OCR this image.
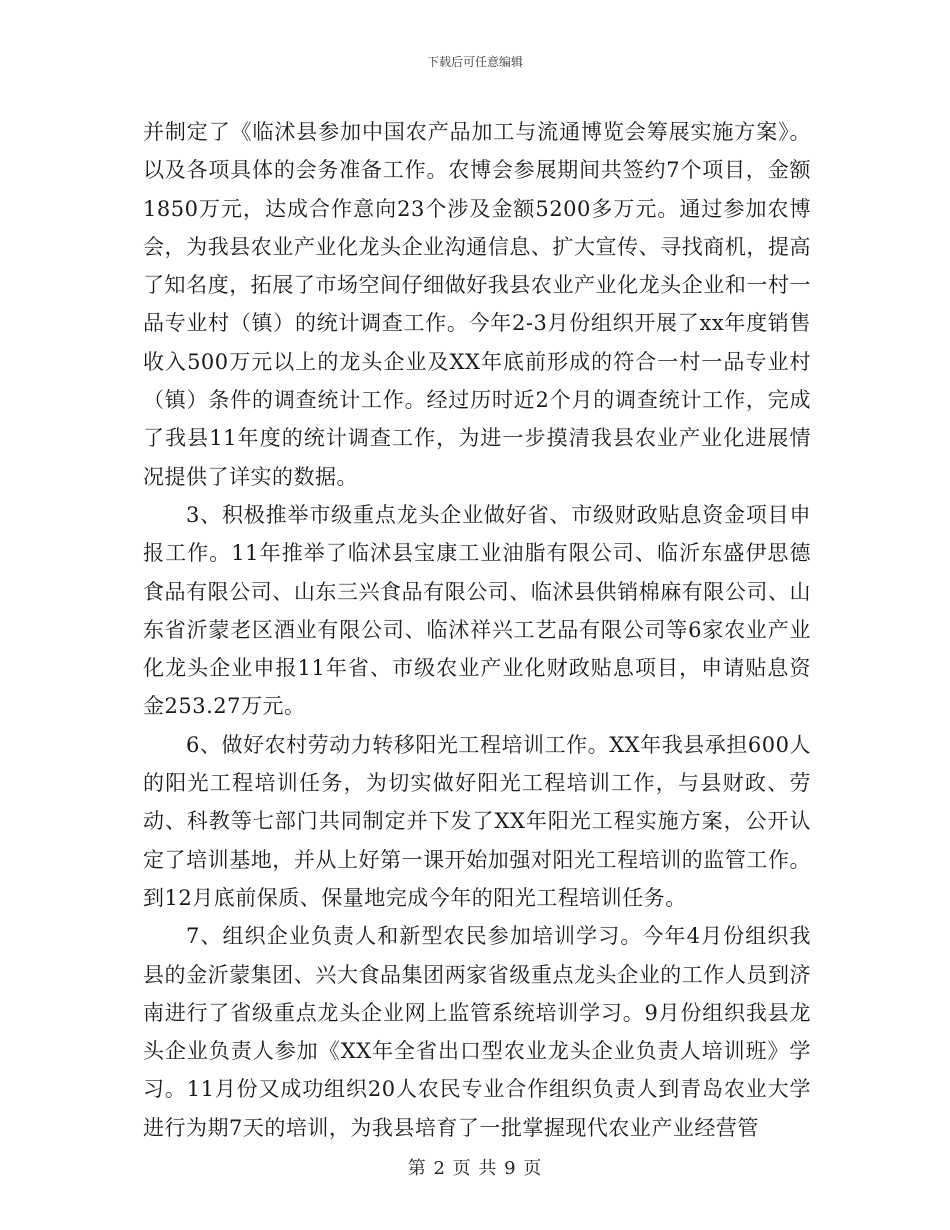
下载后可任意编辑

并制定了《临沭县参加中国农产品加工与流通博览会筹展实施方案》。以及各项具体的会务准备工作。农博会参展期间共签约7个项目，金额1850万元，达成合作意向23个涉及金额5200多万元。通过参加农博会，为我县农业产业化龙头企业沟通信息、扩大宣传、寻找商机，提高了知名度，拓展了市场空间仔细做好我县农业产业化龙头企业和一村一品专业村（镇）的统计调查工作。今年2-3月份组织开展了xx年度销售收入500万元以上的龙头企业及XX年底前形成的符合一村一品专业村（镇）条件的调查统计工作。经过历时近2个月的调查统计工作，完成了我县11年度的统计调查工作，为进一步摸清我县农业产业化进展情况提供了详实的数据。

3、积极推举市级重点龙头企业做好省、市级财政贴息资金项目申报工作。11年推举了临沭县宝康工业油脂有限公司、临沂东盛伊思德食品有限公司、山东三兴食品有限公司、临沭县供销棉麻有限公司、山东省沂蒙老区酒业有限公司、临沭祥兴工艺品有限公司等6家农业产业化龙头企业申报11年省、市级农业产业化财政贴息项目，申请贴息资金253.27万元。

6、做好农村劳动力转移阳光工程培训工作。XX年我县承担600人的阳光工程培训任务，为切实做好阳光工程培训工作，与县财政、劳动、科教等七部门共同制定并下发了XX年阳光工程实施方案，公开认定了培训基地，并从上好第一课开始加强对阳光工程培训的监管工作。到12月底前保质、保量地完成今年的阳光工程培训任务。

7、组织企业负责人和新型农民参加培训学习。今年4月份组织我县的金沂蒙集团、兴大食品集团两家省级重点龙头企业的工作人员到济南进行了省级重点龙头企业网上监管系统培训学习。9月份组织我县龙头企业负责人参加《XX年全省出口型农业龙头企业负责人培训班》学习。11月份又成功组织20人农民专业合作组织负责人到青岛农业大学进行为期7天的培训，为我县培育了一批掌握现代农业产业经营管

第 2 页 共 9 页
